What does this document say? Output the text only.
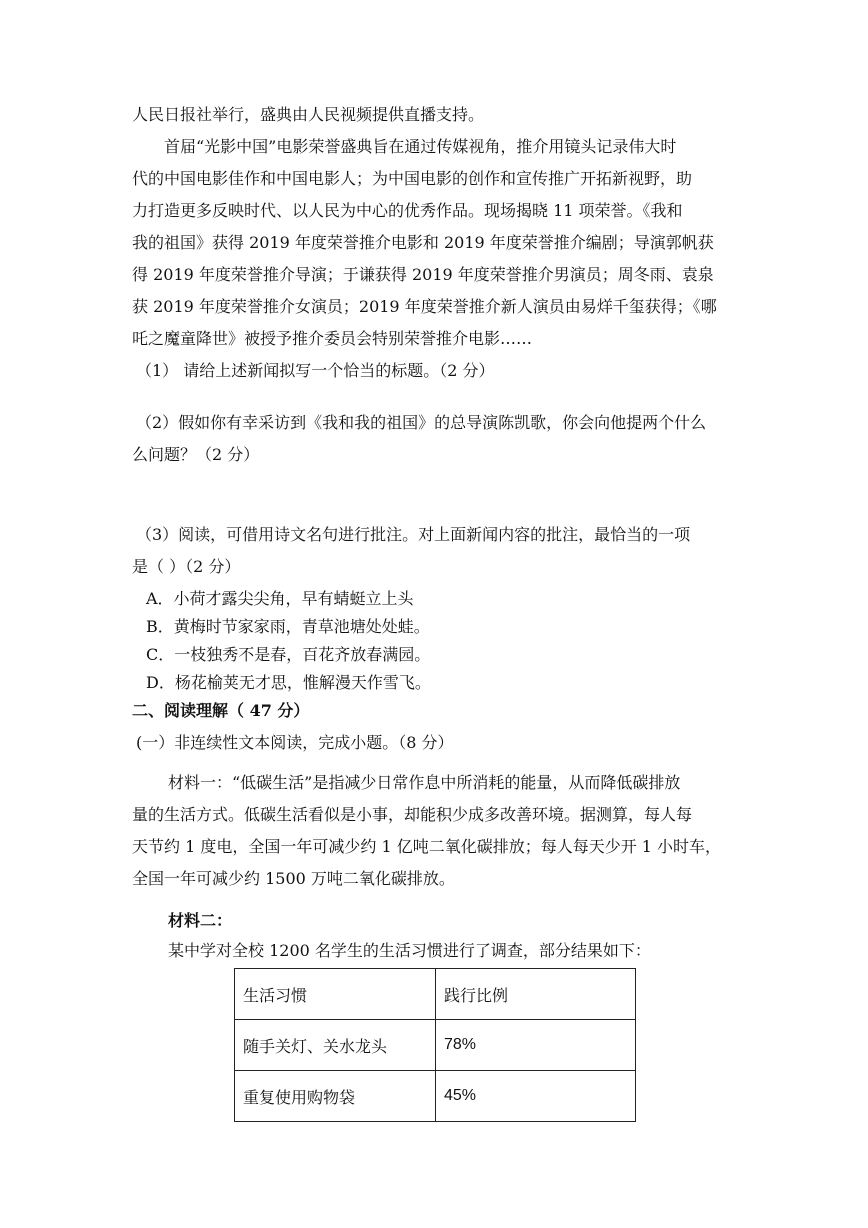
人民日报社举行，盛典由人民视频提供直播支持。
首届“光影中国”电影荣誉盛典旨在通过传媒视角，推介用镜头记录伟大时
代的中国电影佳作和中国电影人；为中国电影的创作和宣传推广开拓新视野，助
力打造更多反映时代、以人民为中心的优秀作品。现场揭晓 11 项荣誉。《我和
我的祖国》获得 2019 年度荣誉推介电影和 2019 年度荣誉推介编剧；导演郭帆获
得 2019 年度荣誉推介导演；于谦获得 2019 年度荣誉推介男演员；周冬雨、袁泉
获 2019 年度荣誉推介女演员；2019 年度荣誉推介新人演员由易烊千玺获得；《哪
吒之魔童降世》被授予推介委员会特别荣誉推介电影……
（1） 请给上述新闻拟写一个恰当的标题。（2 分）
（2）假如你有幸采访到《我和我的祖国》的总导演陈凯歌，你会向他提两个什么
么问题？（2 分）
（3）阅读，可借用诗文名句进行批注。对上面新闻内容的批注，最恰当的一项
是（ ）（2 分）
A．小荷才露尖尖角，早有蜻蜓立上头
B．黄梅时节家家雨，青草池塘处处蛙。
C．一枝独秀不是春，百花齐放春满园。
D．杨花榆荚无才思，惟解漫天作雪飞。
二、阅读理解（ 47 分）
(一）非连续性文本阅读，完成小题。（8 分）
材料一：“低碳生活”是指减少日常作息中所消耗的能量，从而降低碳排放
量的生活方式。低碳生活看似是小事，却能积少成多改善环境。据测算，每人每
天节约 1 度电，全国一年可减少约 1 亿吨二氧化碳排放；每人每天少开 1 小时车，
全国一年可减少约 1500 万吨二氧化碳排放。
材料二：
某中学对全校 1200 名学生的生活习惯进行了调查，部分结果如下：
生活习惯	践行比例
随手关灯、关水龙头	78%
重复使用购物袋	45%
